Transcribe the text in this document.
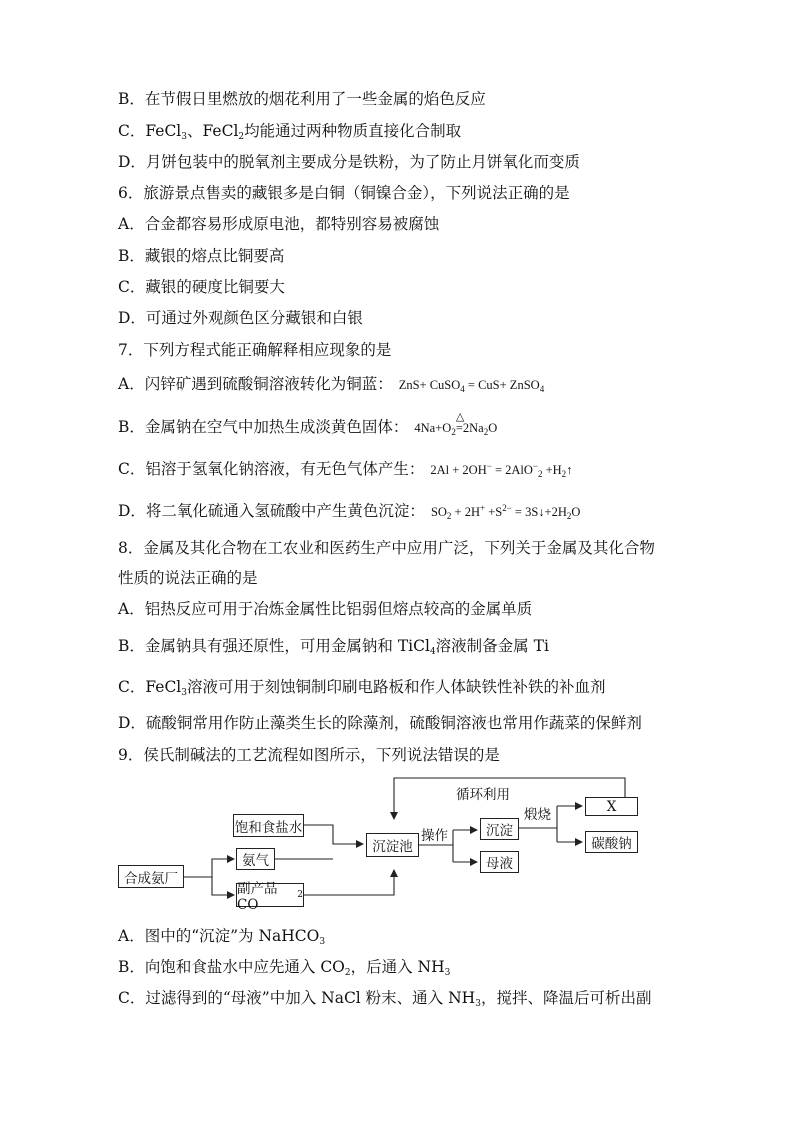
B．在节假日里燃放的烟花利用了一些金属的焰色反应
C．FeCl$_3$、FeCl$_2$均能通过两种物质直接化合制取
D．月饼包装中的脱氧剂主要成分是铁粉，为了防止月饼氧化而变质
6．旅游景点售卖的藏银多是白铜（铜镍合金），下列说法正确的是
A．合金都容易形成原电池，都特别容易被腐蚀
B．藏银的熔点比铜要高
C．藏银的硬度比铜要大
D．可通过外观颜色区分藏银和白银
7．下列方程式能正确解释相应现象的是
A．闪锌矿遇到硫酸铜溶液转化为铜蓝： ZnS+ CuSO$_4$ = CuS+ ZnSO$_4$
B．金属钠在空气中加热生成淡黄色固体： $4Na+O_2$
△
$=2Na_2O$
C．铝溶于氢氧化钠溶液，有无色气体产生： $2Al + 2OH^- = 2AlO^-_2 +H_2↑$
D．将二氧化硫通入氢硫酸中产生黄色沉淀： $SO_2 + 2H^+ +S^{2-}$ = $3S↓+2H_2O$
8．金属及其化合物在工农业和医药生产中应用广泛，下列关于金属及其化合物
性质的说法正确的是
A．铝热反应可用于冶炼金属性比铝弱但熔点较高的金属单质
B．金属钠具有强还原性，可用金属钠和 TiCl$_4$溶液制备金属 Ti
C．FeCl$_3$溶液可用于刻蚀铜制印刷电路板和作人体缺铁性补铁的补血剂
D．硫酸铜常用作防止藻类生长的除藻剂，硫酸铜溶液也常用作蔬菜的保鲜剂
9．侯氏制碱法的工艺流程如图所示，下列说法错误的是
饱和食盐水
氨气
副产品CO
2
合成氨厂
沉淀池
沉淀
母液
X
碳酸钠
操作
煅烧
循环利用
A．图中的“沉淀”为 NaHCO$_3$
B．向饱和食盐水中应先通入 $CO_2$，后通入 $NH_3$
C．过滤得到的“母液”中加入 NaCl 粉末、通入 $NH_3$，搅拌、降温后可析出副
